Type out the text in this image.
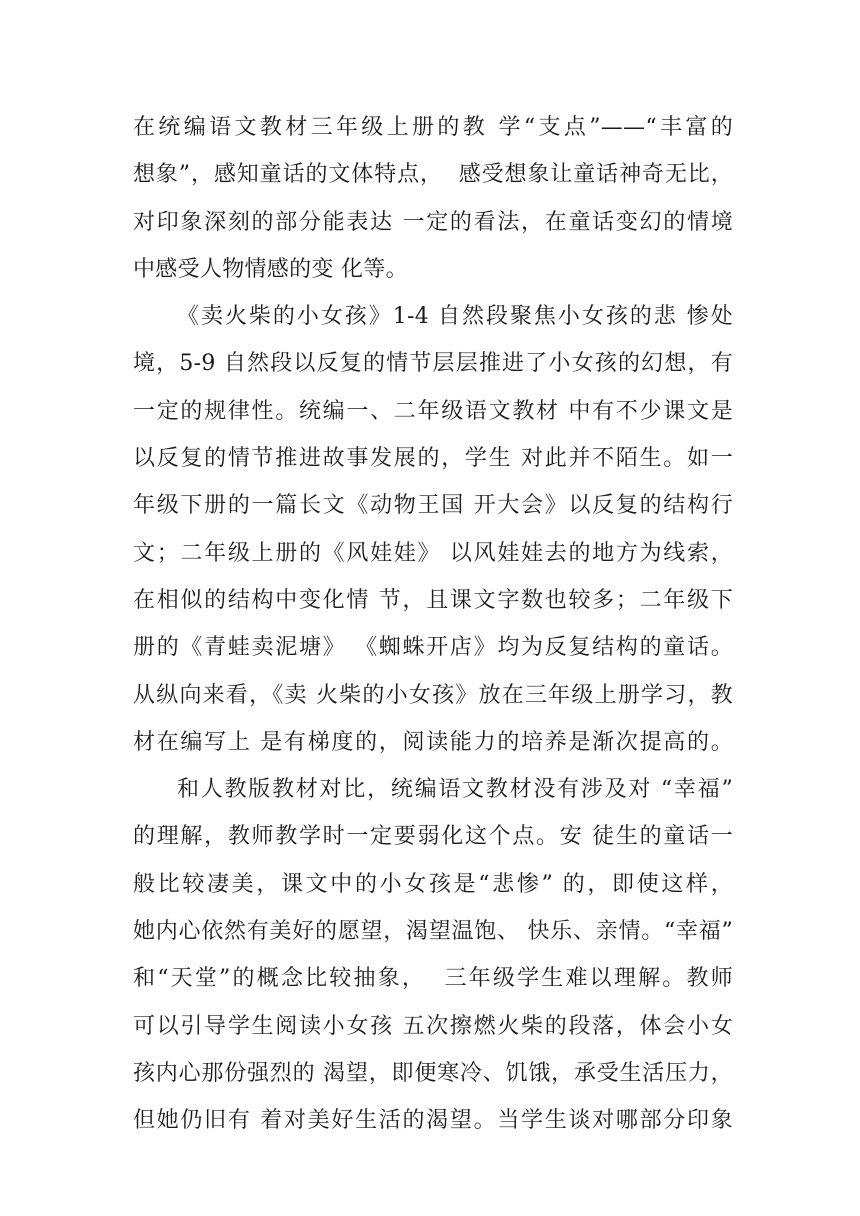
在统编语文教材三年级上册的教 学“支点”——“丰富的
想象”，感知童话的文体特点，  感受想象让童话神奇无比，
对印象深刻的部分能表达 一定的看法，在童话变幻的情境
中感受人物情感的变 化等。
《卖火柴的小女孩》1-4 自然段聚焦小女孩的悲 惨处
境，5-9 自然段以反复的情节层层推进了小女孩的幻想，有
一定的规律性。统编一、二年级语文教材 中有不少课文是
以反复的情节推进故事发展的，学生 对此并不陌生。如一
年级下册的一篇长文《动物王国 开大会》以反复的结构行
文；二年级上册的《风娃娃》 以风娃娃去的地方为线索，
在相似的结构中变化情 节，且课文字数也较多；二年级下
册的《青蛙卖泥塘》 《蜘蛛开店》均为反复结构的童话。
从纵向来看，《卖 火柴的小女孩》放在三年级上册学习，教
材在编写上 是有梯度的，阅读能力的培养是渐次提高的。
和人教版教材对比，统编语文教材没有涉及对 “幸福”
的理解，教师教学时一定要弱化这个点。安 徒生的童话一
般比较凄美，课文中的小女孩是“悲惨” 的，即使这样，
她内心依然有美好的愿望，渴望温饱、 快乐、亲情。“幸福”
和“天堂”的概念比较抽象，  三年级学生难以理解。教师
可以引导学生阅读小女孩 五次擦燃火柴的段落，体会小女
孩内心那份强烈的 渴望，即便寒冷、饥饿，承受生活压力，
但她仍旧有 着对美好生活的渴望。当学生谈对哪部分印象
